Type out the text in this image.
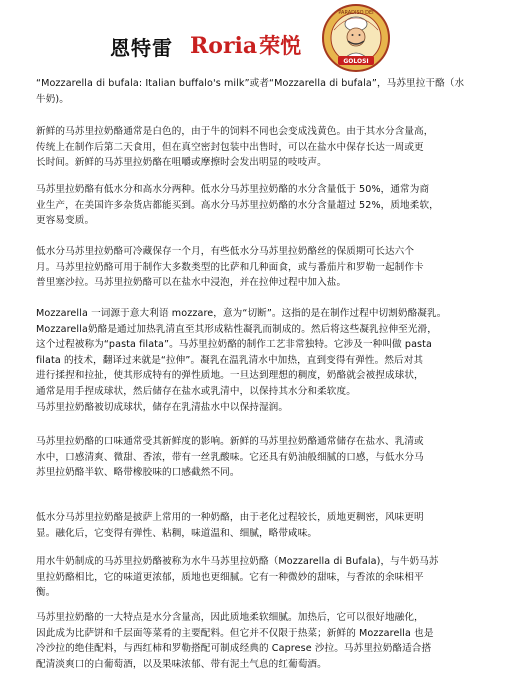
恩特雷 Roria荣悦
PARADISO DEI
GOLOSI

“Mozzarella di bufala: Italian buffalo's milk”或者“Mozzarella di bufala”，马苏里拉干酪（水
牛奶)。

新鲜的马苏里拉奶酪通常是白色的，由于牛的饲料不同也会变成浅黄色。由于其水分含量高，
传统上在制作后第二天食用，但在真空密封包装中出售时，可以在盐水中保存长达一周或更
长时间。新鲜的马苏里拉奶酪在咀嚼或摩擦时会发出明显的吱吱声。

马苏里拉奶酪有低水分和高水分两种。低水分马苏里拉奶酪的水分含量低于 50%，通常为商
业生产，在美国许多杂货店都能买到。高水分马苏里拉奶酪的水分含量超过 52%，质地柔软，
更容易变质。

低水分马苏里拉奶酪可冷藏保存一个月，有些低水分马苏里拉奶酪丝的保质期可长达六个
月。马苏里拉奶酪可用于制作大多数类型的比萨和几种面食，或与番茄片和罗勒一起制作卡
普里塞沙拉。马苏里拉奶酪可以在盐水中浸泡，并在拉伸过程中加入盐。

Mozzarella 一词源于意大利语 mozzare，意为“切断”。这指的是在制作过程中切割奶酪凝乳。
Mozzarella奶酪是通过加热乳清直至其形成粘性凝乳而制成的。然后将这些凝乳拉伸至光滑，
这个过程被称为“pasta filata”。马苏里拉奶酪的制作工艺非常独特。它涉及一种叫做 pasta
filata 的技术，翻译过来就是“拉伸”。凝乳在温乳清水中加热，直到变得有弹性。然后对其
进行揉捏和拉扯，使其形成特有的弹性质地。一旦达到理想的稠度，奶酪就会被捏成球状，
通常是用手捏成球状，然后储存在盐水或乳清中，以保持其水分和柔软度。
马苏里拉奶酪被切成球状，储存在乳清盐水中以保持湿润。

马苏里拉奶酪的口味通常受其新鲜度的影响。新鲜的马苏里拉奶酪通常储存在盐水、乳清或
水中，口感清爽、微甜、香浓，带有一丝乳酸味。它还具有奶油般细腻的口感，与低水分马
苏里拉奶酪半软、略带橡胶味的口感截然不同。

低水分马苏里拉奶酪是披萨上常用的一种奶酪，由于老化过程较长，质地更稠密，风味更明
显。融化后，它变得有弹性、粘稠，味道温和、细腻，略带咸味。

用水牛奶制成的马苏里拉奶酪被称为水牛马苏里拉奶酪（Mozzarella di Bufala)，与牛奶马苏
里拉奶酪相比，它的味道更浓郁，质地也更细腻。它有一种微妙的甜味，与香浓的余味相平
衡。

马苏里拉奶酪的一大特点是水分含量高，因此质地柔软细腻。加热后，它可以很好地融化，
因此成为比萨饼和千层面等菜肴的主要配料。但它并不仅限于热菜；新鲜的 Mozzarella 也是
冷沙拉的绝佳配料，与西红柿和罗勒搭配可制成经典的 Caprese 沙拉。马苏里拉奶酪适合搭
配清淡爽口的白葡萄酒，以及果味浓郁、带有泥土气息的红葡萄酒。
